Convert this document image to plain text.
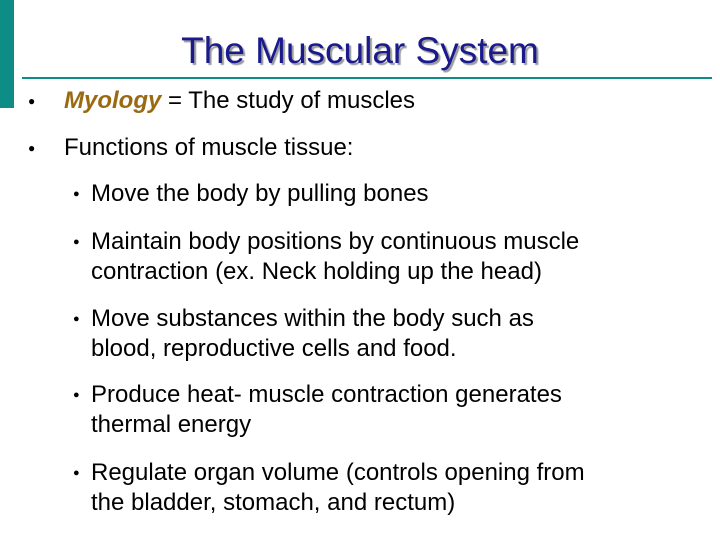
The Muscular System
● Myology = The study of muscles
● Functions of muscle tissue:
● Move the body by pulling bones
● Maintain body positions by continuous muscle
contraction (ex. Neck holding up the head)
● Move substances within the body such as
blood, reproductive cells and food.
● Produce heat- muscle contraction generates
thermal energy
● Regulate organ volume (controls opening from
the bladder, stomach, and rectum)
